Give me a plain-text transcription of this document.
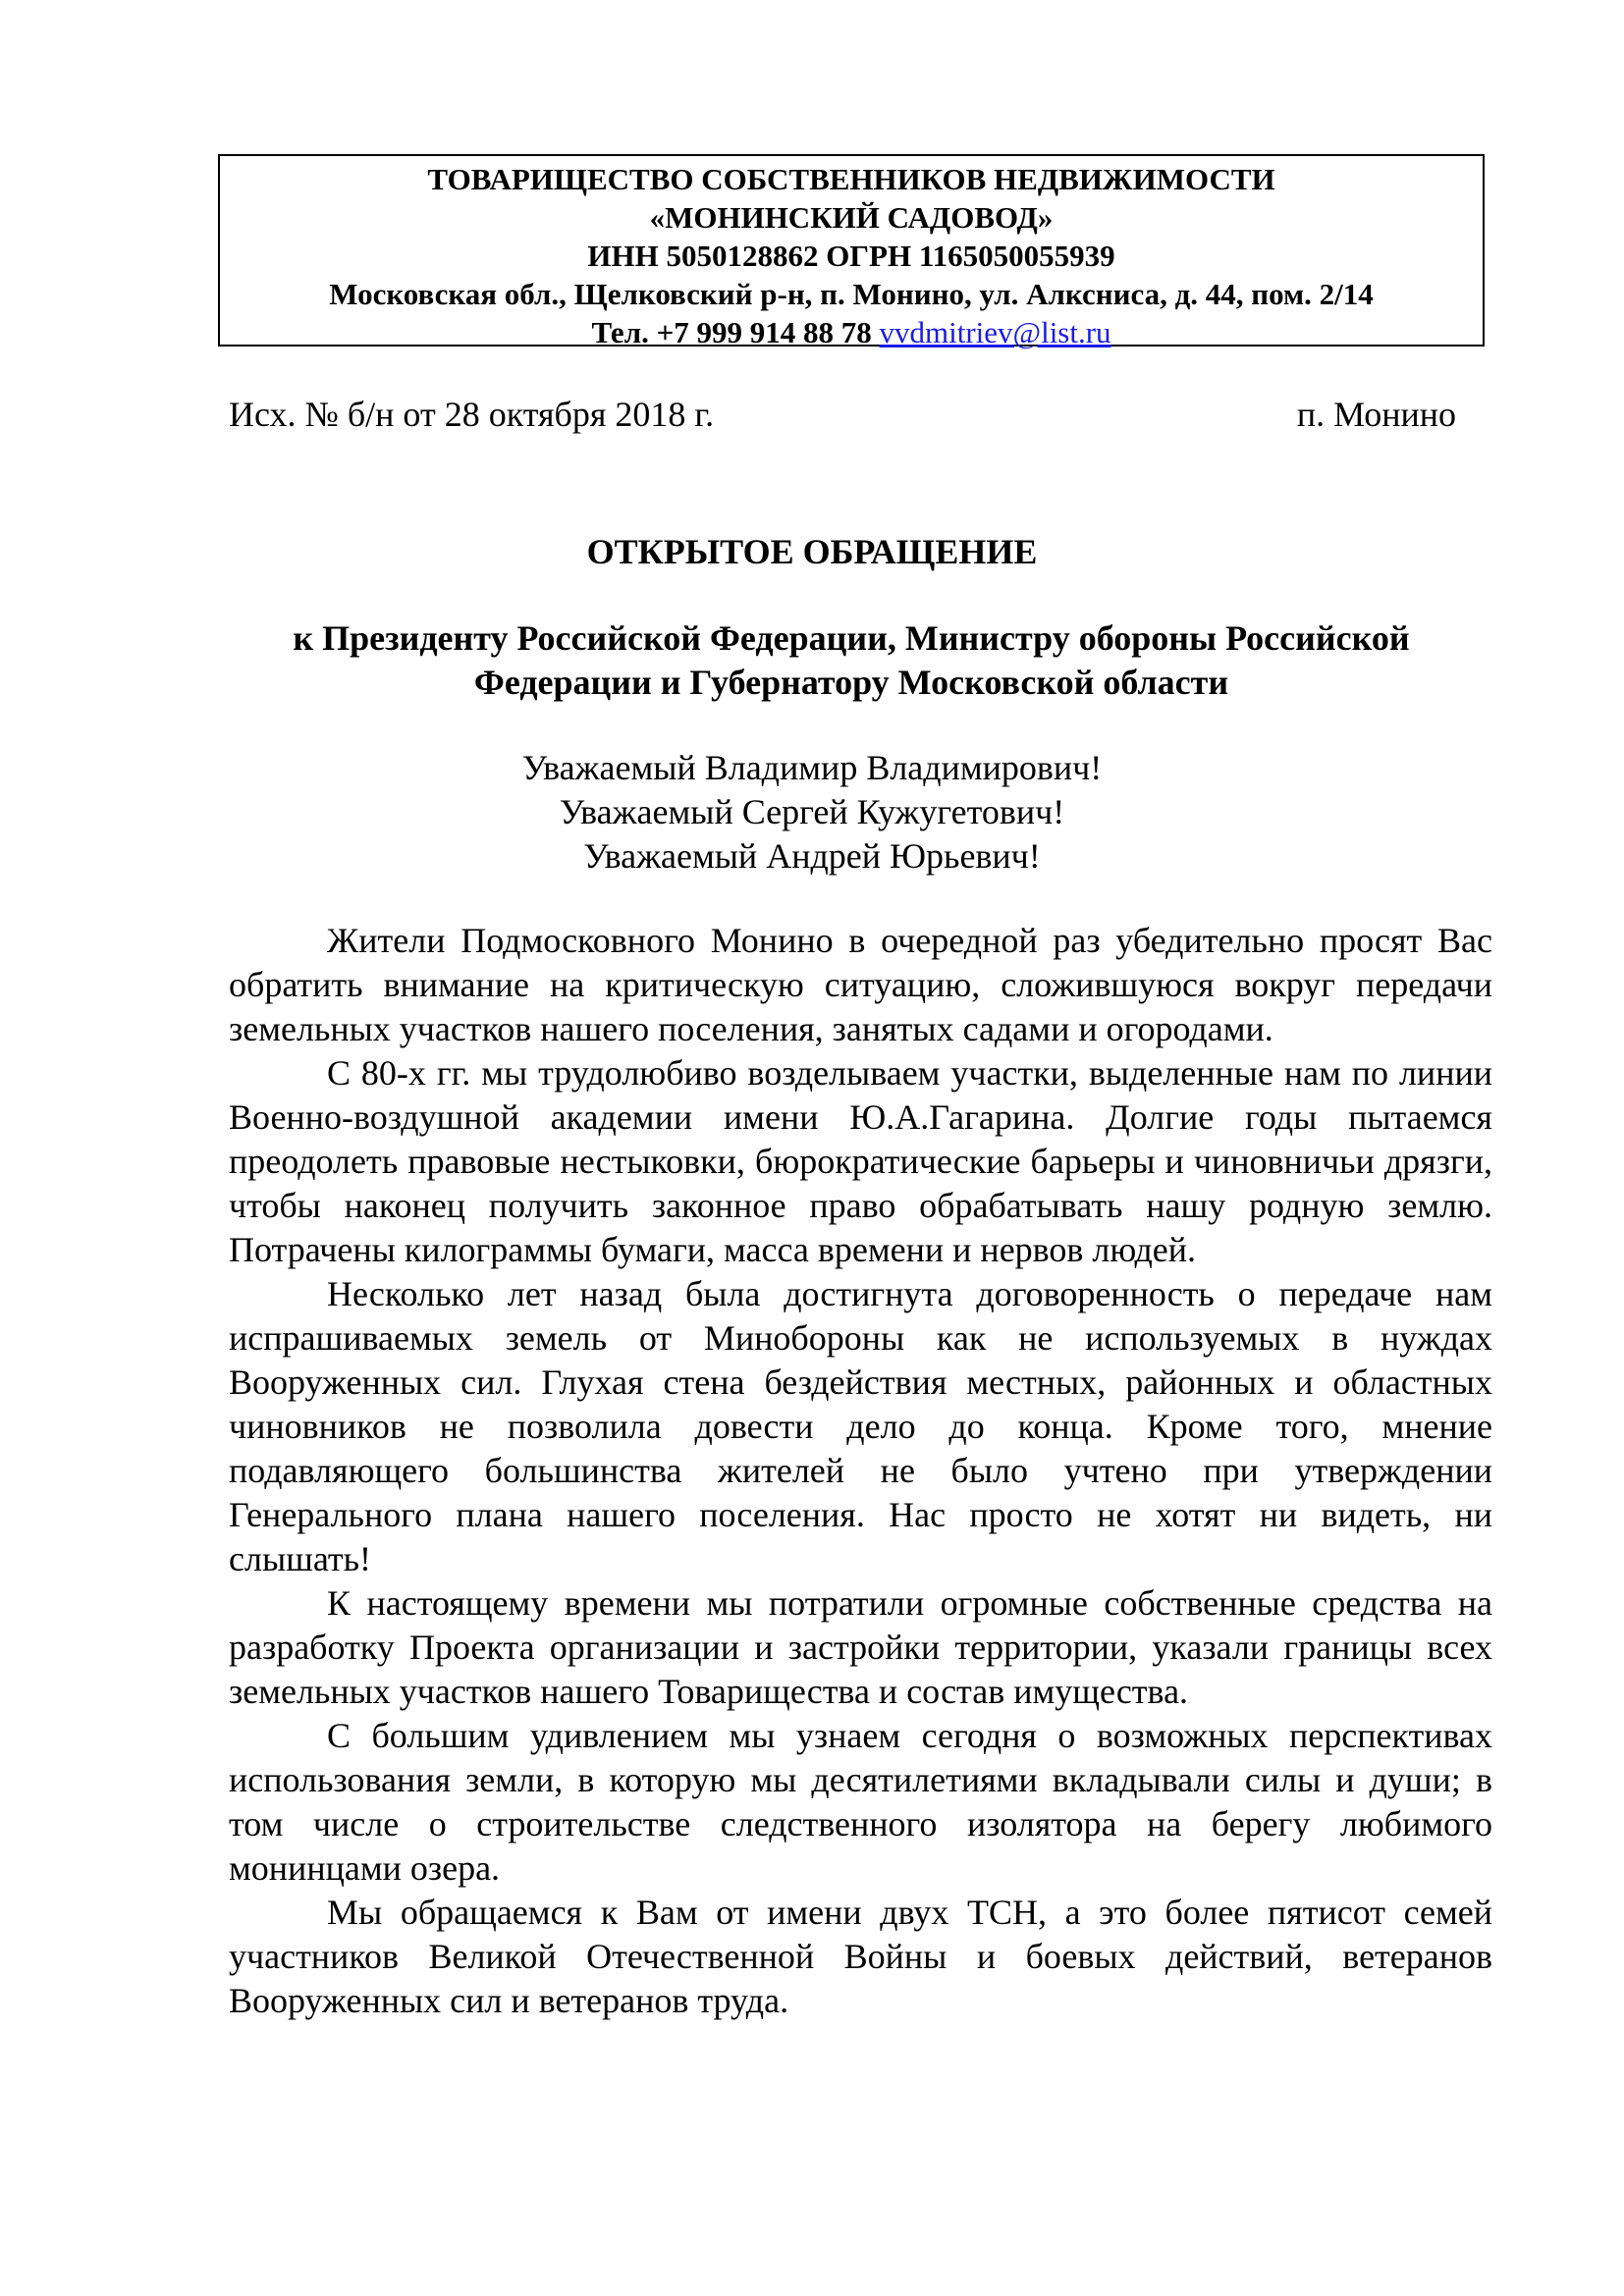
ТОВАРИЩЕСТВО СОБСТВЕННИКОВ НЕДВИЖИМОСТИ
«МОНИНСКИЙ САДОВОД»
ИНН 5050128862 ОГРН 1165050055939
Московская обл., Щелковский р-н, п. Монино, ул. Алксниса, д. 44, пом. 2/14
Тел. +7 999 914 88 78 vvdmitriev@list.ru
Исх. № б/н от 28 октября 2018 г.	п. Монино
ОТКРЫТОЕ ОБРАЩЕНИЕ
к Президенту Российской Федерации, Министру обороны Российской
Федерации и Губернатору Московской области
Уважаемый Владимир Владимирович!
Уважаемый Сергей Кужугетович!
Уважаемый Андрей Юрьевич!

Жители Подмосковного Монино в очередной раз убедительно просят Вас обратить внимание на критическую ситуацию, сложившуюся вокруг передачи земельных участков нашего поселения, занятых садами и огородами.

С 80-х гг. мы трудолюбиво возделываем участки, выделенные нам по линии Военно-воздушной академии имени Ю.А.Гагарина. Долгие годы пытаемся преодолеть правовые нестыковки, бюрократические барьеры и чиновничьи дрязги, чтобы наконец получить законное право обрабатывать нашу родную землю. Потрачены килограммы бумаги, масса времени и нервов людей.

Несколько лет назад была достигнута договоренность о передаче нам испрашиваемых земель от Минобороны как не используемых в нуждах Вооруженных сил. Глухая стена бездействия местных, районных и областных чиновников не позволила довести дело до конца. Кроме того, мнение подавляющего большинства жителей не было учтено при утверждении Генерального плана нашего поселения. Нас просто не хотят ни видеть, ни слышать!

К настоящему времени мы потратили огромные собственные средства на разработку Проекта организации и застройки территории, указали границы всех земельных участков нашего Товарищества и состав имущества.

С большим удивлением мы узнаем сегодня о возможных перспективах использования земли, в которую мы десятилетиями вкладывали силы и души; в том числе о строительстве следственного изолятора на берегу любимого монинцами озера.

Мы обращаемся к Вам от имени двух ТСН, а это более пятисот семей участников Великой Отечественной Войны и боевых действий, ветеранов Вооруженных сил и ветеранов труда.
